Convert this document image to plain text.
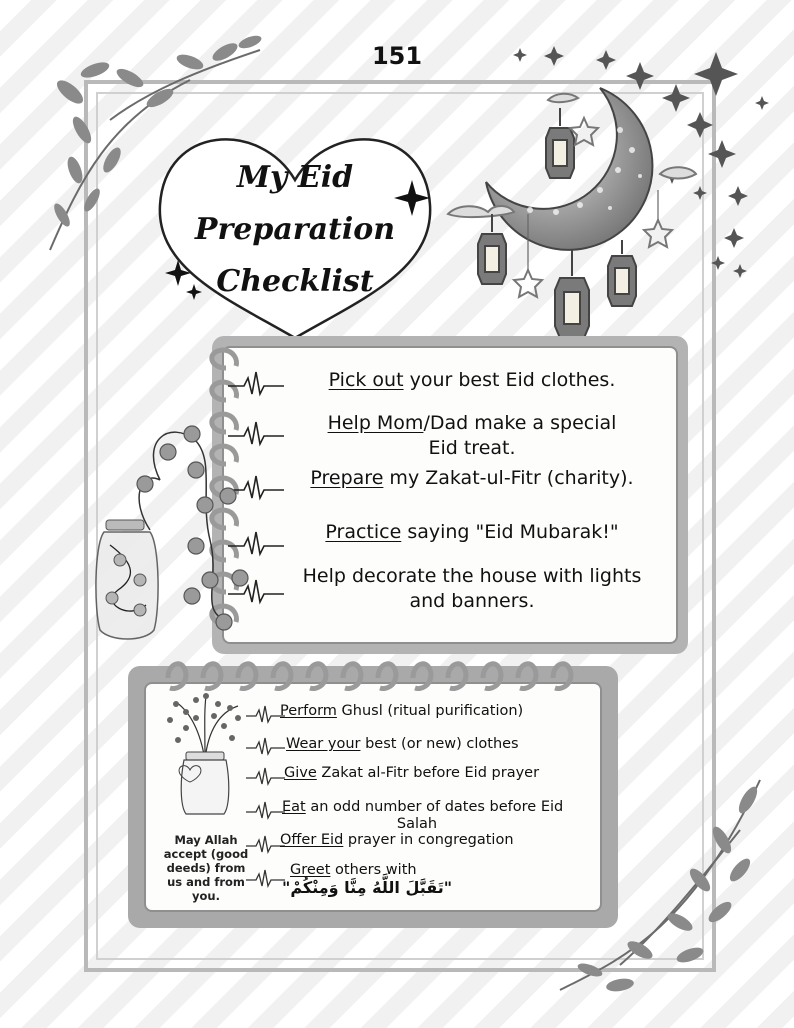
151
My Eid
Preparation
Checklist
Pick out your best Eid clothes.
Help Mom/Dad make a special
Eid treat.
Prepare my Zakat-ul-Fitr (charity).
Practice saying "Eid Mubarak!"
Help decorate the house with lights
and banners.
Perform Ghusl (ritual purification)
Wear your best (or new) clothes
Give Zakat al-Fitr before Eid prayer
Eat an odd number of dates before Eid
Salah
Offer Eid prayer in congregation
Greet others with
"تَقَبَّلَ اللَّهُ مِنَّا وَمِنْكُمْ"
May Allah
accept (good
deeds) from
us and from
you.
